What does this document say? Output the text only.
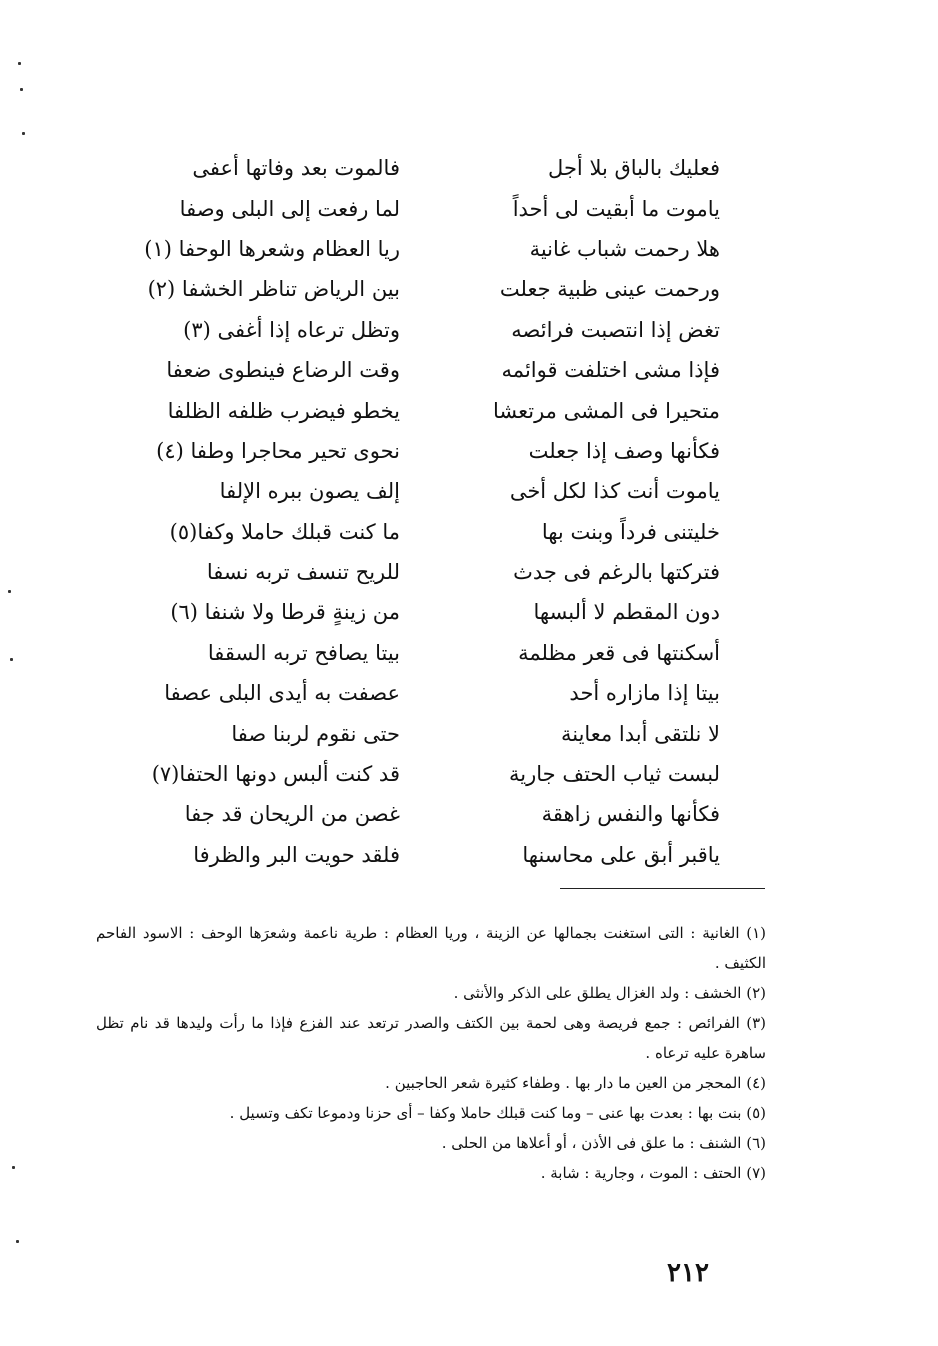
فعليك بالباق بلا أجل
فالموت بعد وفاتها أعفى
ياموت ما أبقيت لى أحداً
لما رفعت إلى البلى وصفا
هلا رحمت شباب غانية
ريا العظام وشعرها الوحفا (١)
ورحمت عينى ظبية جعلت
بين الرياض تناظر الخشفا (٢)
تغض إذا انتصبت فرائصه
وتظل ترعاه إذا أغفى (٣)
فإذا مشى اختلفت قوائمه
وقت الرضاع فينطوى ضعفا
متحيرا فى المشى مرتعشا
يخطو فيضرب ظلفه الظلفا
فكأنها وصف إذا جعلت
نحوى تحير محاجرا وطفا (٤)
ياموت أنت كذا لكل أخى
إلف يصون ببره الإلفا
خليتنى فرداً وبنت بها
ما كنت قبلك حاملا وكفا(٥)
فتركتها بالرغم فى جدث
للريح تنسف تربه نسفا
دون المقطم لا ألبسها
من زينةٍ قرطا ولا شنفا (٦)
أسكنتها فى قعر مظلمة
بيتا يصافح تربه السقفا
بيتا إذا مازاره أحد
عصفت به أيدى البلى عصفا
لا نلتقى أبدا معاينة
حتى نقوم لربنا صفا
لبست ثياب الحتف جارية
قد كنت ألبس دونها الحتفا(٧)
فكأنها والنفس زاهقة
غصن من الريحان قد جفا
ياقبر أبق على محاسنها
فلقد حويت البر والظرفا
(١) الغانية : التى استغنت بجمالها عن الزينة ، وريا العظام : طرية ناعمة وشعرَها الوحف : الاسود الفاحم الكثيف .
(٢) الخشف : ولد الغزال يطلق على الذكر والأنثى .
(٣) الفرائص : جمع فريصة وهى لحمة بين الكتف والصدر ترتعد عند الفزع فإذا ما رأت وليدها قد نام تظل ساهرة عليه ترعاه .
(٤) المحجر من العين ما دار بها . وطفاء كثيرة شعر الحاجبين .
(٥) بنت بها : بعدت بها عنى – وما كنت قبلك حاملا وكفا – أى حزنا ودموعا تكف وتسيل .
(٦) الشنف : ما علق فى الأذن ، أو أعلاها من الحلى .
(٧) الحتف : الموت ، وجارية : شابة .
٢١٢
